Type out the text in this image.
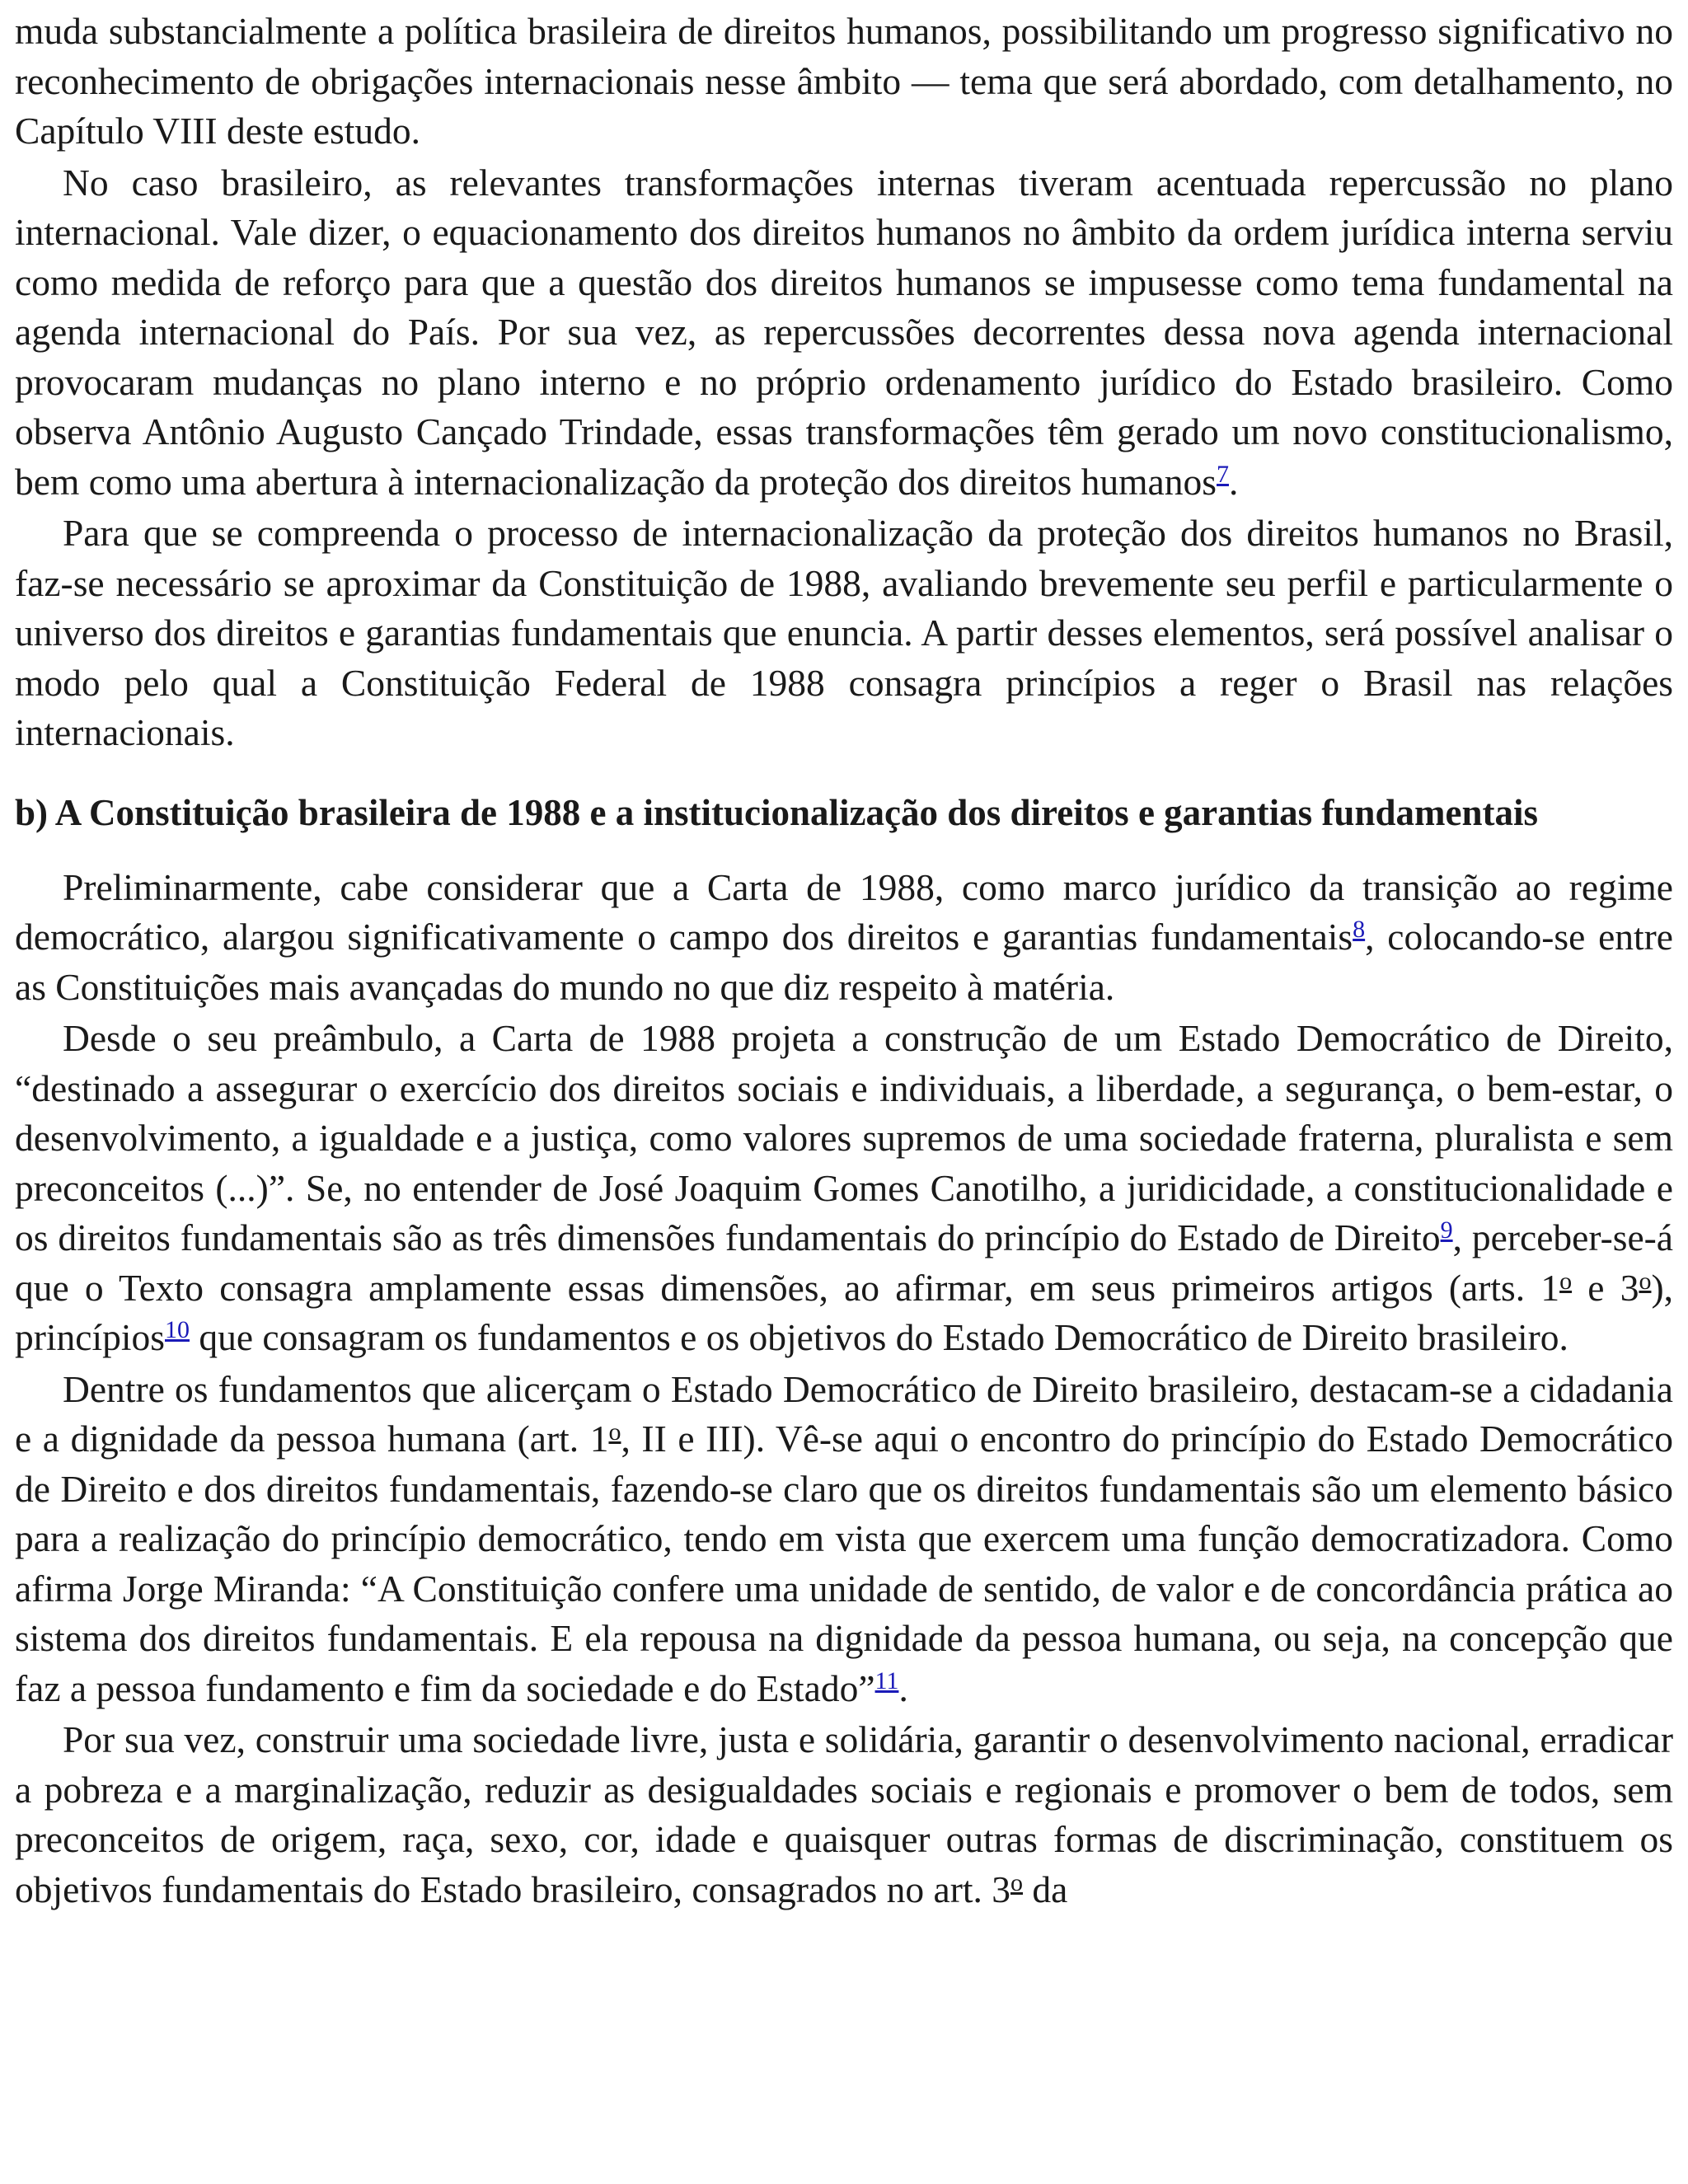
muda substancialmente a política brasileira de direitos humanos, possibilitando um progresso significativo no reconhecimento de obrigações internacionais nesse âmbito — tema que será abordado, com detalhamento, no Capítulo VIII deste estudo.

No caso brasileiro, as relevantes transformações internas tiveram acentuada repercussão no plano internacional. Vale dizer, o equacionamento dos direitos humanos no âmbito da ordem jurídica interna serviu como medida de reforço para que a questão dos direitos humanos se impusesse como tema fundamental na agenda internacional do País. Por sua vez, as repercussões decorrentes dessa nova agenda internacional provocaram mudanças no plano interno e no próprio ordenamento jurídico do Estado brasileiro. Como observa Antônio Augusto Cançado Trindade, essas transformações têm gerado um novo constitucionalismo, bem como uma abertura à internacionalização da proteção dos direitos humanos$^7$.

Para que se compreenda o processo de internacionalização da proteção dos direitos humanos no Brasil, faz-se necessário se aproximar da Constituição de 1988, avaliando brevemente seu perfil e particularmente o universo dos direitos e garantias fundamentais que enuncia. A partir desses elementos, será possível analisar o modo pelo qual a Constituição Federal de 1988 consagra princípios a reger o Brasil nas relações internacionais.

b) A Constituição brasileira de 1988 e a institucionalização dos direitos e garantias fundamentais

Preliminarmente, cabe considerar que a Carta de 1988, como marco jurídico da transição ao regime democrático, alargou significativamente o campo dos direitos e garantias fundamentais$^8$, colocando-se entre as Constituições mais avançadas do mundo no que diz respeito à matéria.

Desde o seu preâmbulo, a Carta de 1988 projeta a construção de um Estado Democrático de Direito, “destinado a assegurar o exercício dos direitos sociais e individuais, a liberdade, a segurança, o bem-estar, o desenvolvimento, a igualdade e a justiça, como valores supremos de uma sociedade fraterna, pluralista e sem preconceitos (...)”. Se, no entender de José Joaquim Gomes Canotilho, a juridicidade, a constitucionalidade e os direitos fundamentais são as três dimensões fundamentais do princípio do Estado de Direito$^9$, perceber-se-á que o Texto consagra amplamente essas dimensões, ao afirmar, em seus primeiros artigos (arts. 1$^o$ e 3$^o$), princípios$^{10}$ que consagram os fundamentos e os objetivos do Estado Democrático de Direito brasileiro.

Dentre os fundamentos que alicerçam o Estado Democrático de Direito brasileiro, destacam-se a cidadania e a dignidade da pessoa humana (art. 1$^o$, II e III). Vê-se aqui o encontro do princípio do Estado Democrático de Direito e dos direitos fundamentais, fazendo-se claro que os direitos fundamentais são um elemento básico para a realização do princípio democrático, tendo em vista que exercem uma função democratizadora. Como afirma Jorge Miranda: “A Constituição confere uma unidade de sentido, de valor e de concordância prática ao sistema dos direitos fundamentais. E ela repousa na dignidade da pessoa humana, ou seja, na concepção que faz a pessoa fundamento e fim da sociedade e do Estado”$^{11}$.

Por sua vez, construir uma sociedade livre, justa e solidária, garantir o desenvolvimento nacional, erradicar a pobreza e a marginalização, reduzir as desigualdades sociais e regionais e promover o bem de todos, sem preconceitos de origem, raça, sexo, cor, idade e quaisquer outras formas de discriminação, constituem os objetivos fundamentais do Estado brasileiro, consagrados no art. 3$^o$ da
